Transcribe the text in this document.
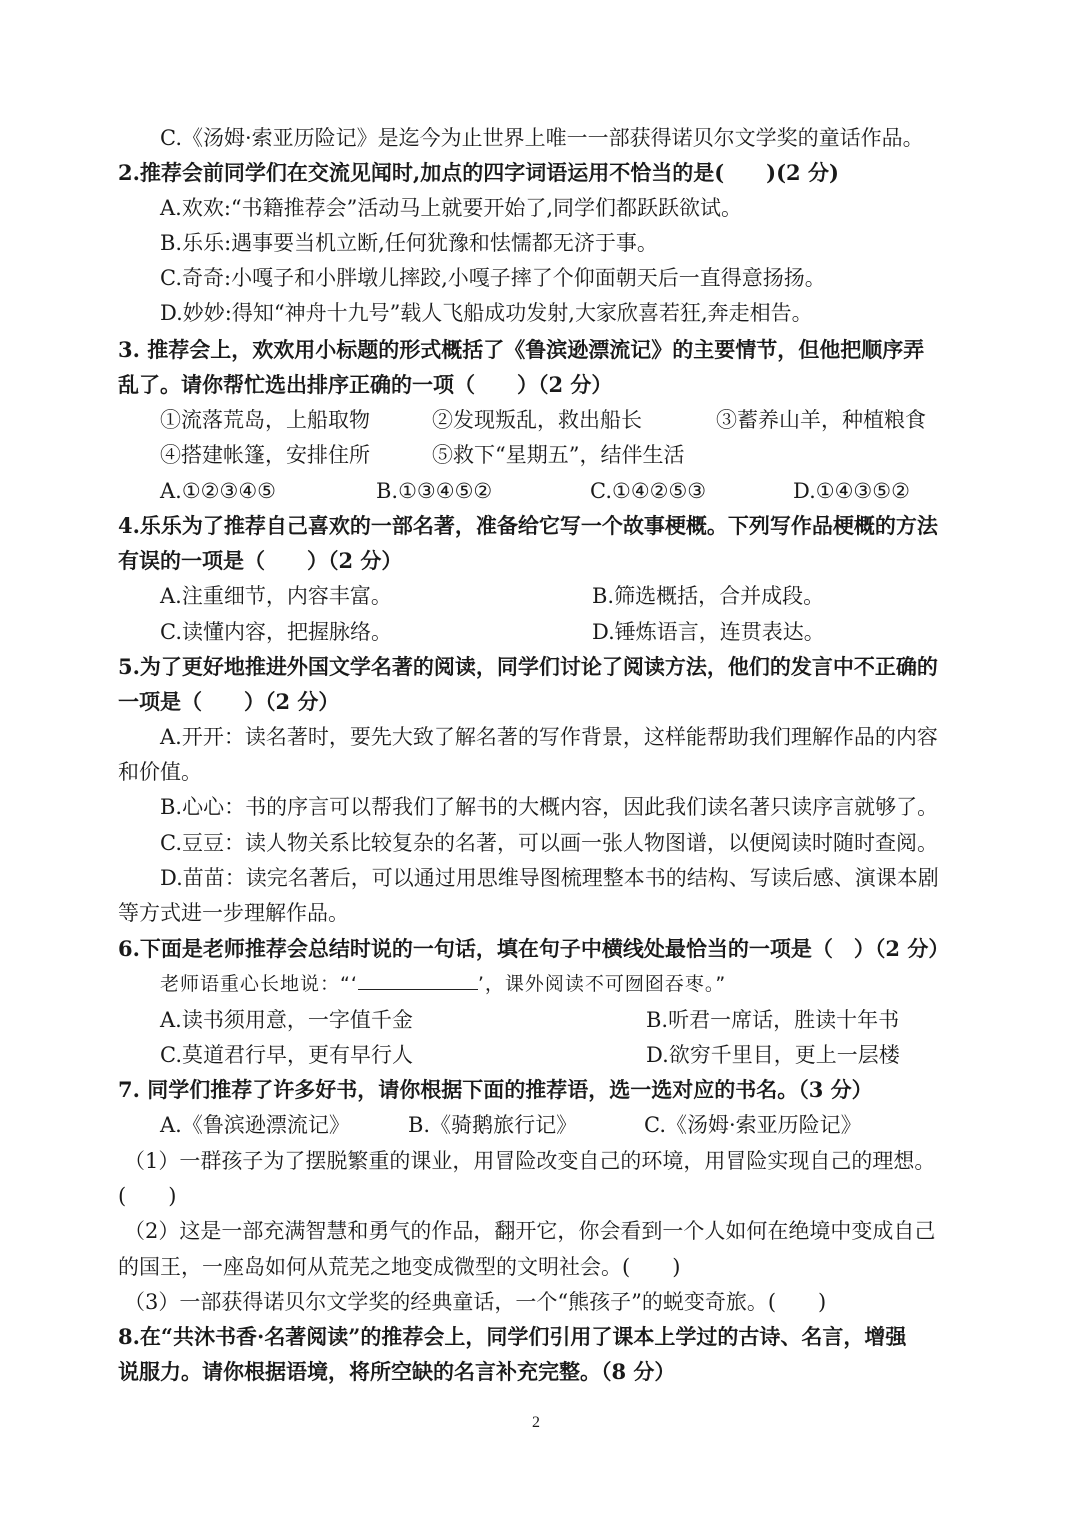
C.《汤姆·索亚历险记》是迄今为止世界上唯一一部获得诺贝尔文学奖的童话作品。
2.推荐会前同学们在交流见闻时,加点的四字词语运用不恰当的是(　　)(2 分)
A.欢欢:“书籍推荐会”活动马上就要开始了,同学们都跃跃欲试。
B.乐乐:遇事要当机立断,任何犹豫和怯懦都无济于事。
C.奇奇:小嘎子和小胖墩儿摔跤,小嘎子摔了个仰面朝天后一直得意扬扬。
D.妙妙:得知“神舟十九号”载人飞船成功发射,大家欣喜若狂,奔走相告。
3. 推荐会上，欢欢用小标题的形式概括了《鲁滨逊漂流记》的主要情节，但他把顺序弄
乱了。请你帮忙选出排序正确的一项（　　）（2 分）
①流落荒岛，上船取物	②发现叛乱，救出船长	③蓄养山羊，种植粮食
④搭建帐篷，安排住所	⑤救下“星期五”，结伴生活
A.①②③④⑤	B.①③④⑤②	C.①④②⑤③	D.①④③⑤②
4.乐乐为了推荐自己喜欢的一部名著，准备给它写一个故事梗概。下列写作品梗概的方法
有误的一项是（　　）（2 分）
A.注重细节，内容丰富。	B.筛选概括，合并成段。
C.读懂内容，把握脉络。	D.锤炼语言，连贯表达。
5.为了更好地推进外国文学名著的阅读，同学们讨论了阅读方法，他们的发言中不正确的
一项是（　　）（2 分）
A.开开：读名著时，要先大致了解名著的写作背景，这样能帮助我们理解作品的内容
和价值。
B.心心：书的序言可以帮我们了解书的大概内容，因此我们读名著只读序言就够了。
C.豆豆：读人物关系比较复杂的名著，可以画一张人物图谱，以便阅读时随时查阅。
D.苗苗：读完名著后，可以通过用思维导图梳理整本书的结构、写读后感、演课本剧
等方式进一步理解作品。
6.下面是老师推荐会总结时说的一句话，填在句子中横线处最恰当的一项是（　）（2 分）
老师语重心长地说：“‘	’，课外阅读不可囫囵吞枣。”
A.读书须用意，一字值千金	B.听君一席话，胜读十年书
C.莫道君行早，更有早行人	D.欲穷千里目，更上一层楼
7. 同学们推荐了许多好书，请你根据下面的推荐语，选一选对应的书名。（3 分）
A.《鲁滨逊漂流记》	B.《骑鹅旅行记》	C.《汤姆·索亚历险记》
（1）一群孩子为了摆脱繁重的课业，用冒险改变自己的环境，用冒险实现自己的理想。
(　　)
（2）这是一部充满智慧和勇气的作品，翻开它，你会看到一个人如何在绝境中变成自己
的国王，一座岛如何从荒芜之地变成微型的文明社会。(　　)
（3）一部获得诺贝尔文学奖的经典童话，一个“熊孩子”的蜕变奇旅。(　　)
8.在“共沐书香·名著阅读”的推荐会上，同学们引用了课本上学过的古诗、名言，增强
说服力。请你根据语境，将所空缺的名言补充完整。（8 分）
2
